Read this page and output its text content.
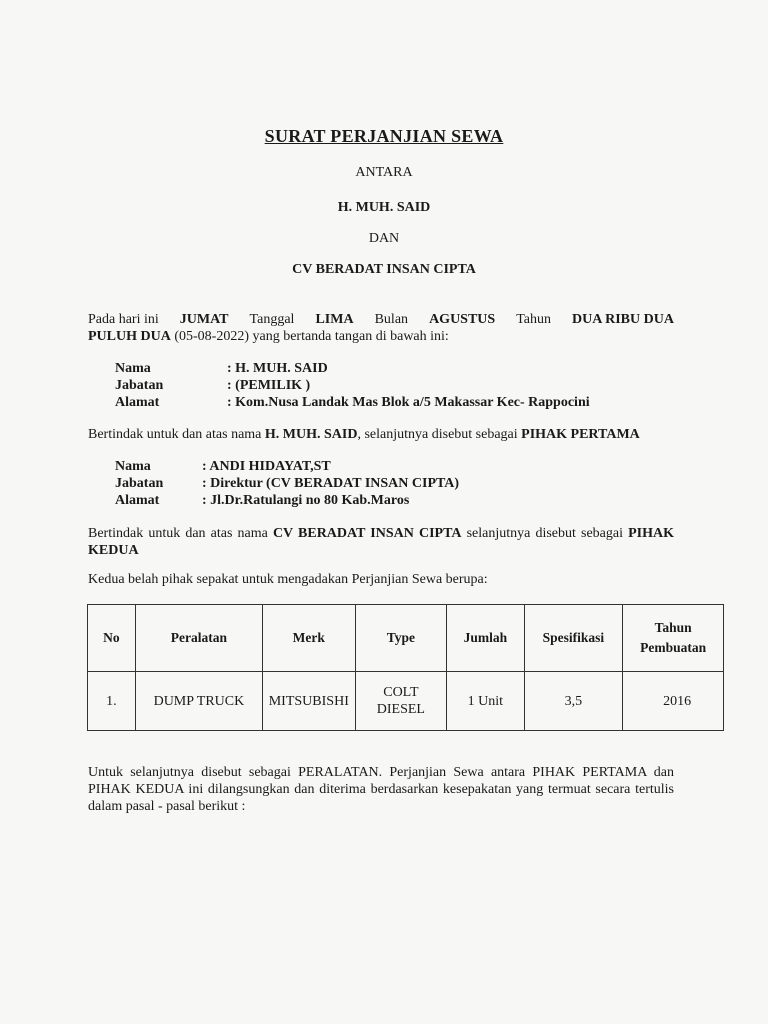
SURAT PERJANJIAN SEWA
ANTARA
H. MUH. SAID
DAN
CV BERADAT INSAN CIPTA
Pada hari ini JUMAT Tanggal LIMA Bulan AGUSTUS Tahun DUA RIBU DUA
PULUH DUA (05-08-2022) yang bertanda tangan di bawah ini:
Nama	: H. MUH. SAID
Jabatan	: (PEMILIK )
Alamat	: Kom.Nusa Landak Mas Blok a/5 Makassar Kec- Rappocini
Bertindak untuk dan atas nama H. MUH. SAID, selanjutnya disebut sebagai PIHAK PERTAMA
Nama	: ANDI HIDAYAT,ST
Jabatan	: Direktur (CV BERADAT INSAN CIPTA)
Alamat	: Jl.Dr.Ratulangi no 80 Kab.Maros
Bertindak untuk dan atas nama CV BERADAT INSAN CIPTA selanjutnya disebut sebagai PIHAK KEDUA
Kedua belah pihak sepakat untuk mengadakan Perjanjian Sewa berupa:
No	Peralatan	Merk	Type	Jumlah	Spesifikasi	Tahun Pembuatan
1.	DUMP TRUCK	MITSUBISHI	COLT DIESEL	1 Unit	3,5	2016
Untuk selanjutnya disebut sebagai PERALATAN. Perjanjian Sewa antara PIHAK PERTAMA dan PIHAK KEDUA ini dilangsungkan dan diterima berdasarkan kesepakatan yang termuat secara tertulis dalam pasal - pasal berikut :
